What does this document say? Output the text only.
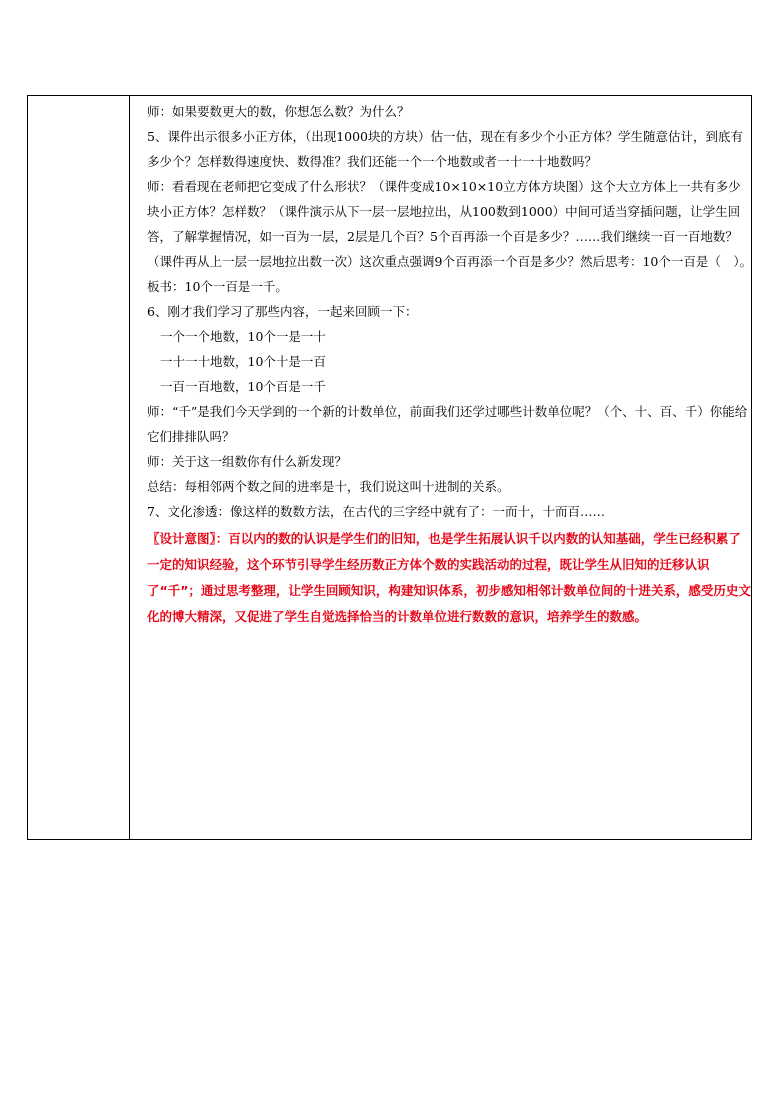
师：如果要数更大的数，你想怎么数？为什么？

5、课件出示很多小正方体，（出现1000块的方块）估一估，现在有多少个小正方体？学生随意估计，到底有多少个？怎样数得速度快、数得准？我们还能一个一个地数或者一十一十地数吗？

师：看看现在老师把它变成了什么形状？（课件变成10×10×10立方体方块图）这个大立方体上一共有多少块小正方体？怎样数？（课件演示从下一层一层地拉出，从100数到1000）中间可适当穿插问题，让学生回答，了解掌握情况，如一百为一层，2层是几个百？5个百再添一个百是多少？……我们继续一百一百地数？（课件再从上一层一层地拉出数一次）这次重点强调9个百再添一个百是多少？然后思考：10个一百是（　）。板书：10个一百是一千。

6、刚才我们学习了那些内容，一起来回顾一下：

一个一个地数，10个一是一十

一十一十地数，10个十是一百

一百一百地数，10个百是一千

师：“千”是我们今天学到的一个新的计数单位，前面我们还学过哪些计数单位呢？（个、十、百、千）你能给它们排排队吗？

师：关于这一组数你有什么新发现？

总结：每相邻两个数之间的进率是十，我们说这叫十进制的关系。

7、文化渗透：像这样的数数方法，在古代的三字经中就有了：一而十，十而百……

〖设计意图〗：百以内的数的认识是学生们的旧知，也是学生拓展认识千以内数的认知基础，学生已经积累了一定的知识经验，这个环节引导学生经历数正方体个数的实践活动的过程，既让学生从旧知的迁移认识了“千”；通过思考整理，让学生回顾知识，构建知识体系，初步感知相邻计数单位间的十进关系，感受历史文化的博大精深，又促进了学生自觉选择恰当的计数单位进行数数的意识，培养学生的数感。
